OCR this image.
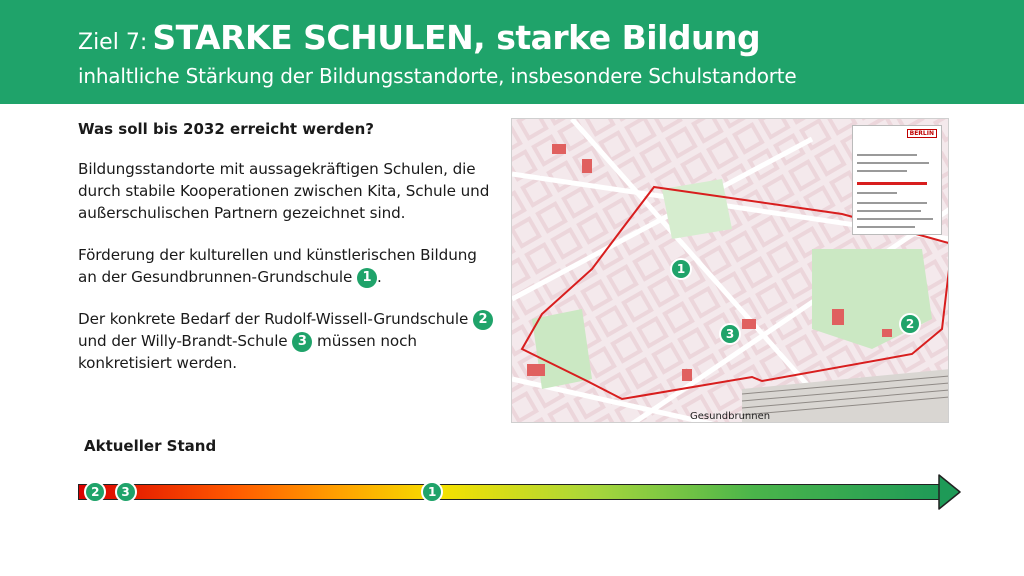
Ziel 7: STARKE SCHULEN, starke Bildung
inhaltliche Stärkung der Bildungsstandorte, insbesondere Schulstandorte
Was soll bis 2032 erreicht werden?

Bildungsstandorte mit aussagekräftigen Schulen, die durch stabile Kooperationen zwischen Kita, Schule und außerschulischen Partnern gezeichnet sind.

Förderung der kulturellen und künstlerischen Bildung an der Gesundbrunnen-Grundschule 1 .

Der konkrete Bedarf der Rudolf-Wissell-Grundschule 2 und der Willy-Brandt-Schule 3 müssen noch konkretisiert werden.

BERLIN
1
2
3
Gesundbrunnen
Aktueller Stand
2	3	1
